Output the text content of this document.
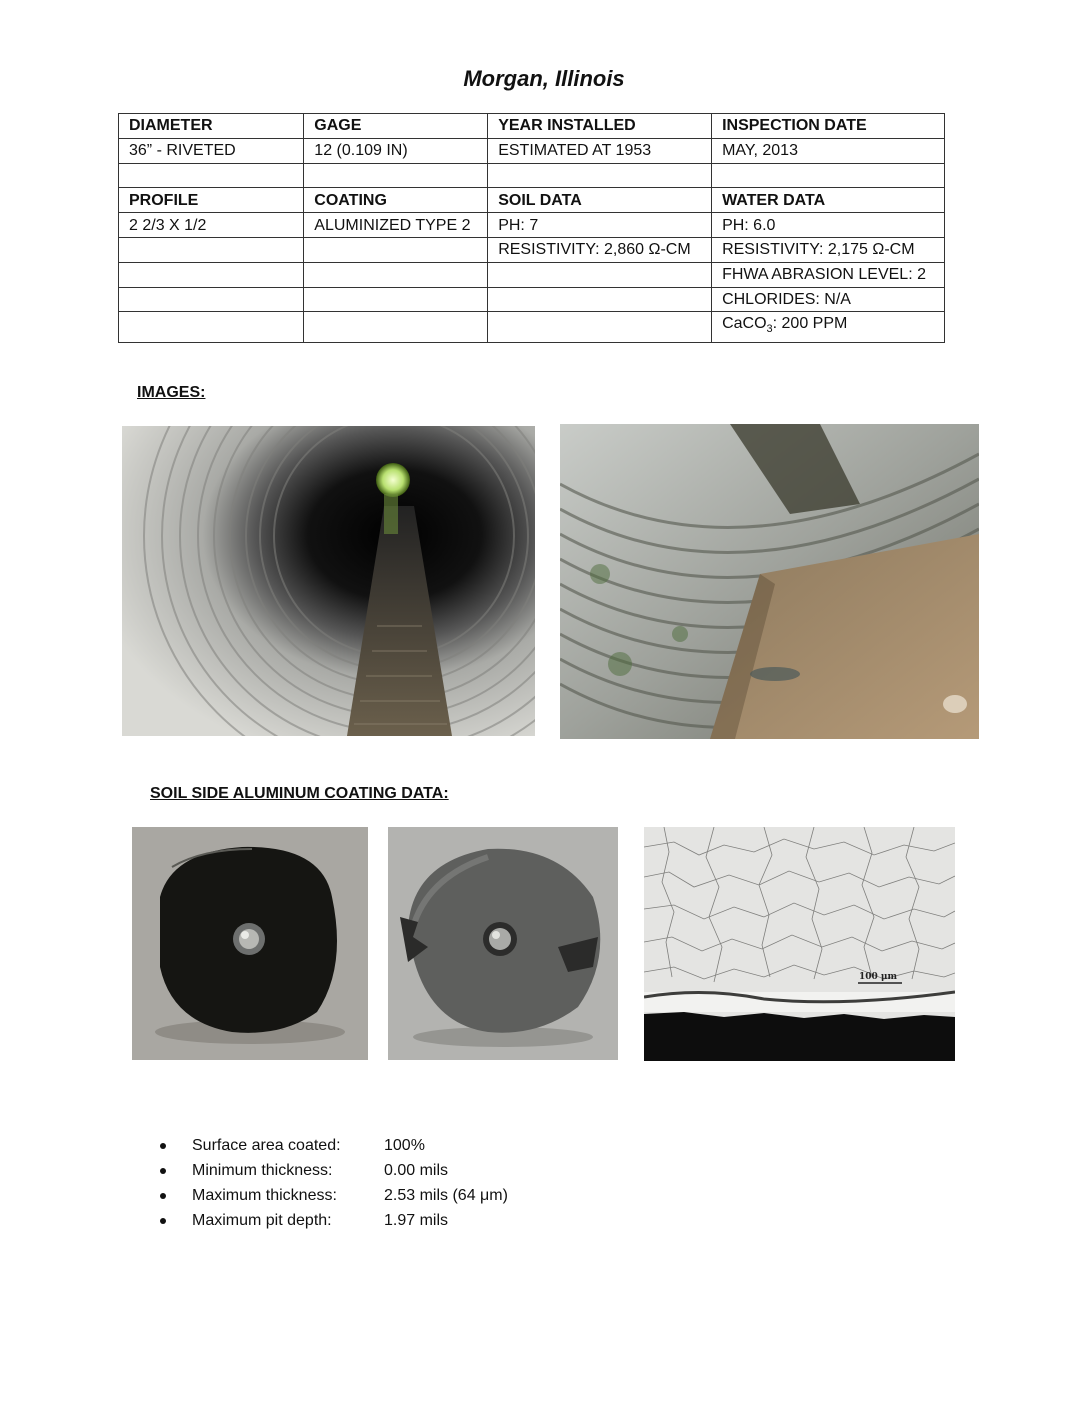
Morgan, Illinois
DIAMETER	GAGE	YEAR INSTALLED	INSPECTION DATE
36” - RIVETED	12 (0.109 IN)	ESTIMATED AT 1953	MAY, 2013

PROFILE	COATING	SOIL DATA	WATER DATA
2 2/3 X 1/2	ALUMINIZED TYPE 2	PH: 7	PH: 6.0
		RESISTIVITY: 2,860 Ω-CM	RESISTIVITY: 2,175 Ω-CM
			FHWA ABRASION LEVEL: 2
			CHLORIDES: N/A
			CaCO$_3$: 200 PPM
IMAGES:
SOIL SIDE ALUMINUM COATING DATA:
100 μm
Surface area coated:	100%
Minimum thickness:	0.00 mils
Maximum thickness:	2.53 mils (64 μm)
Maximum pit depth:	1.97 mils
